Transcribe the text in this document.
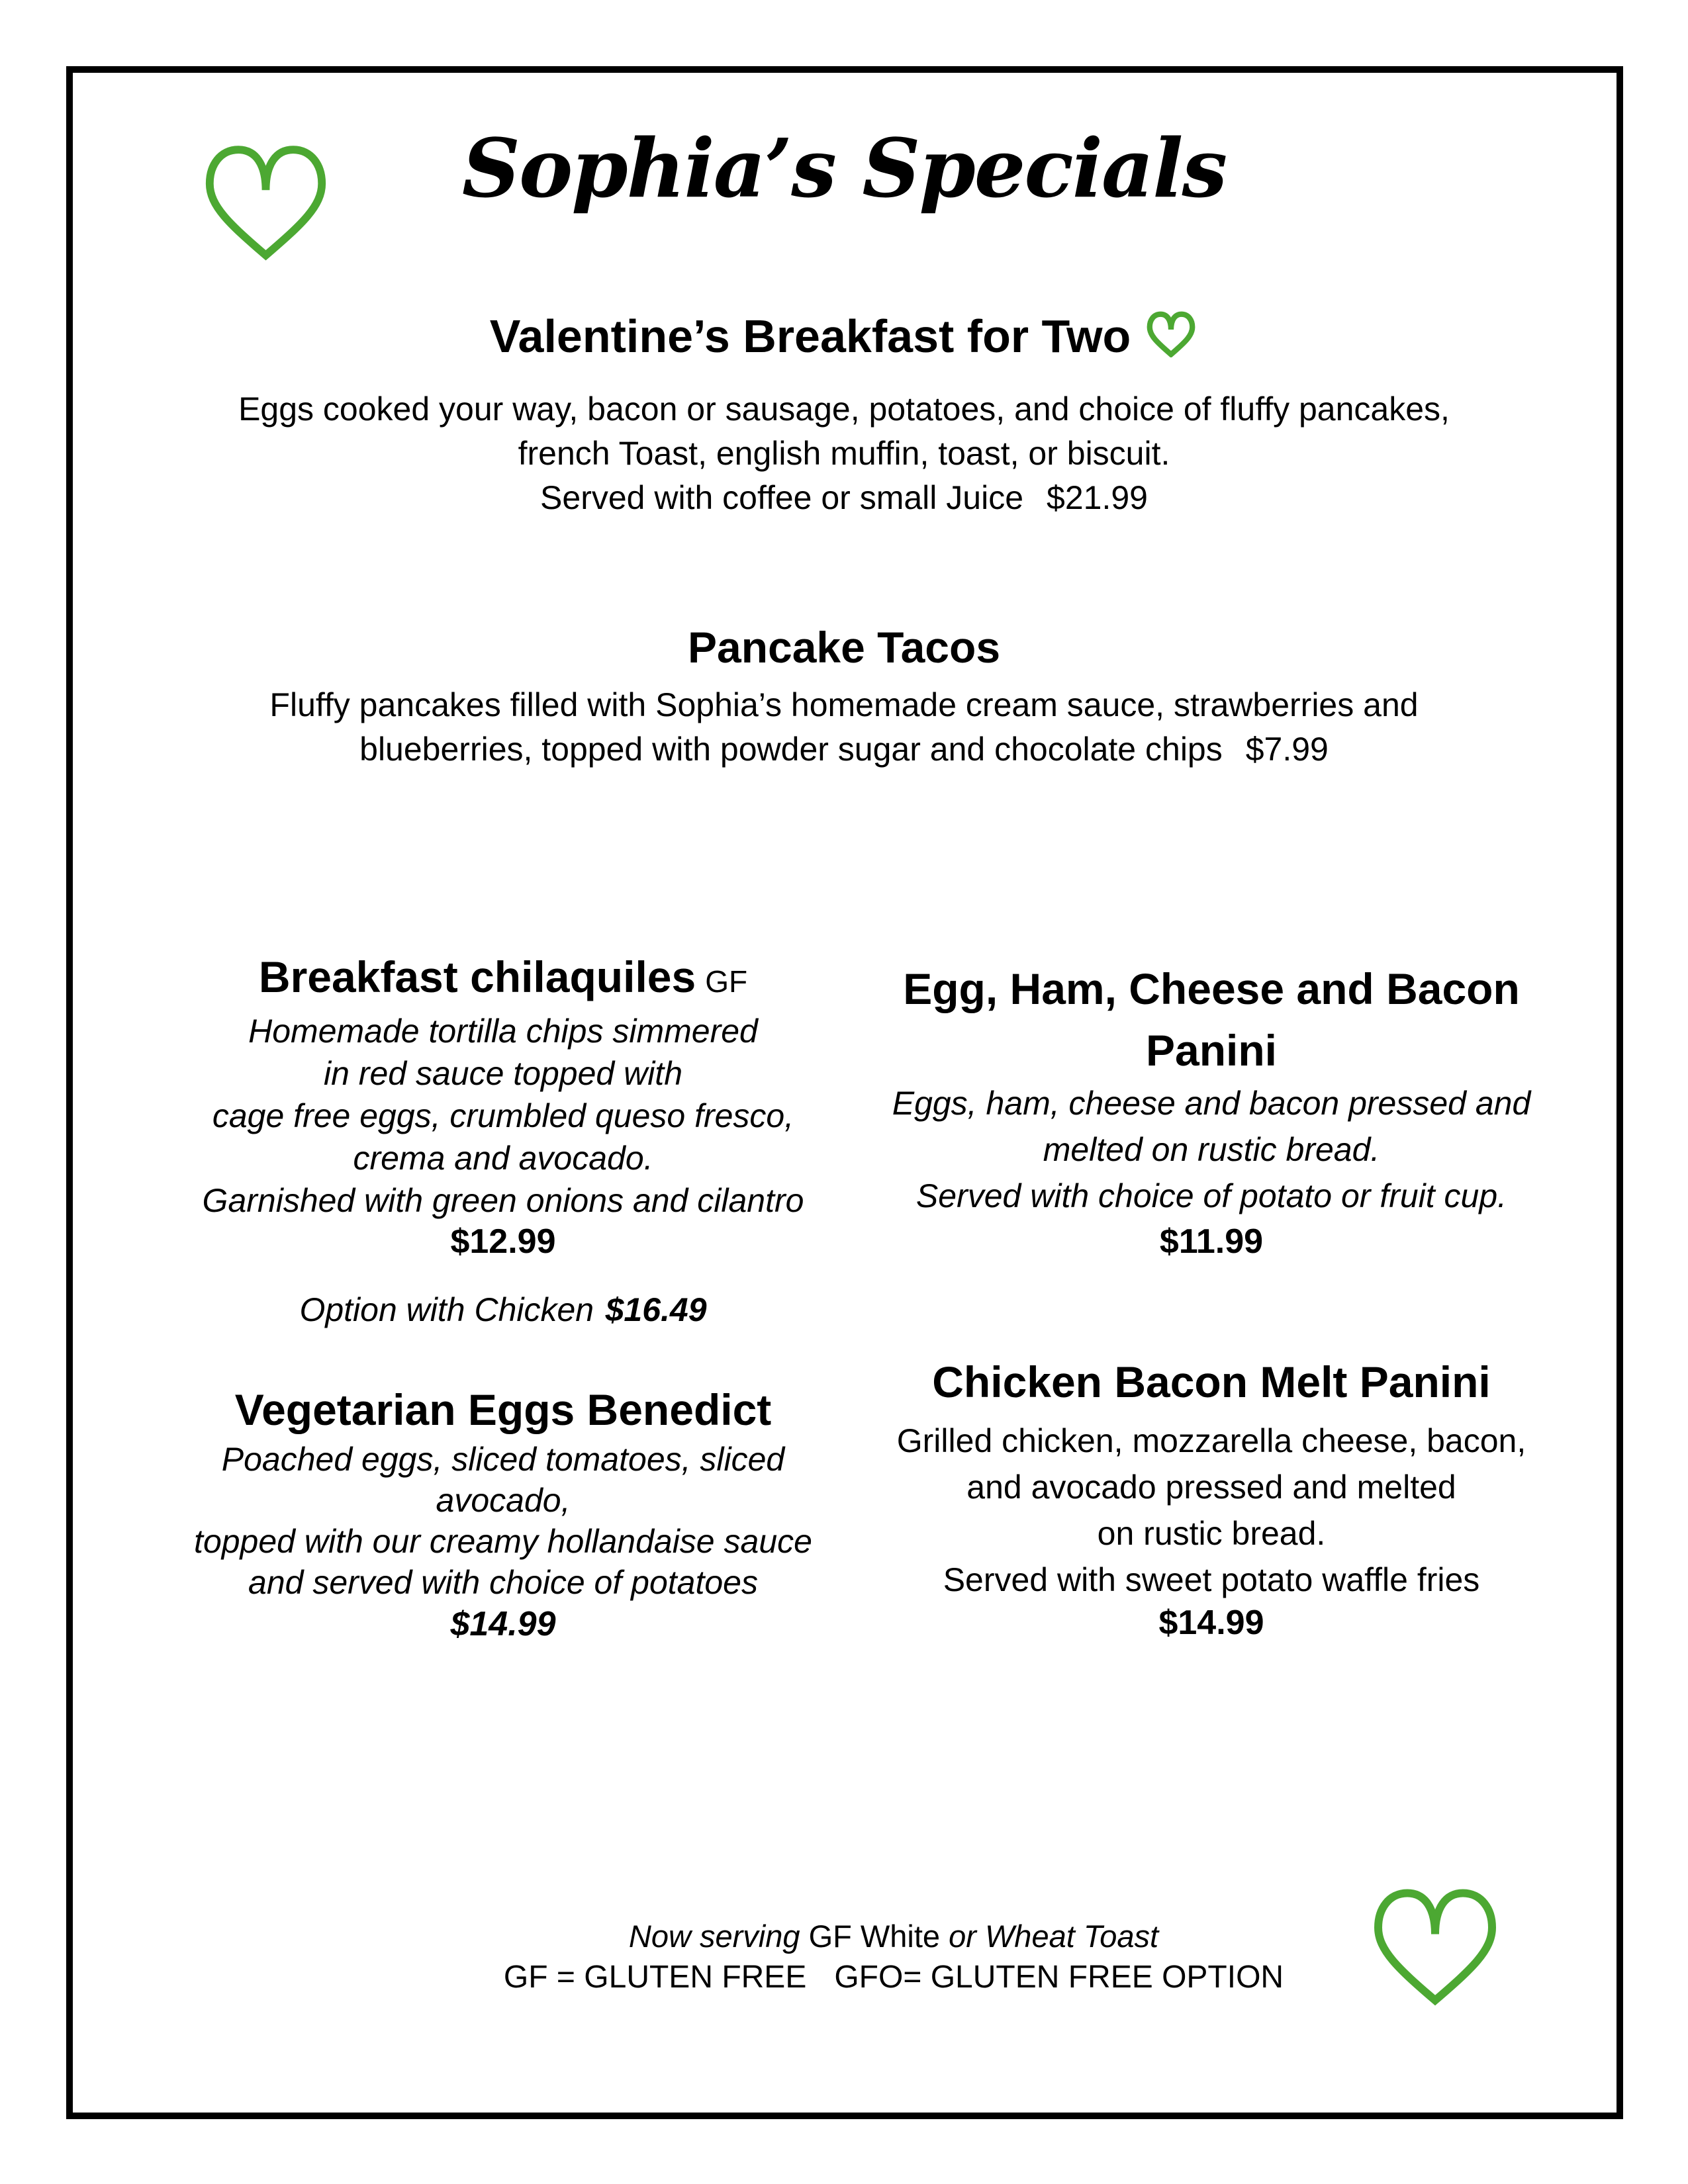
Sophia’s Specials
Valentine’s Breakfast for Two
Eggs cooked your way, bacon or sausage, potatoes, and choice of fluffy pancakes,
french Toast, english muffin, toast, or biscuit.
Served with coffee or small Juice $21.99
Pancake Tacos
Fluffy pancakes filled with Sophia’s homemade cream sauce, strawberries and
blueberries, topped with powder sugar and chocolate chips $7.99
Breakfast chilaquiles GF
Homemade tortilla chips simmered
in red sauce topped with
cage free eggs, crumbled queso fresco,
crema and avocado.
Garnished with green onions and cilantro
$12.99
Option with Chicken $16.49
Vegetarian Eggs Benedict
Poached eggs, sliced tomatoes, sliced
avocado,
topped with our creamy hollandaise sauce
and served with choice of potatoes
$14.99
Egg, Ham, Cheese and Bacon
Panini
Eggs, ham, cheese and bacon pressed and
melted on rustic bread.
Served with choice of potato or fruit cup.
$11.99
Chicken Bacon Melt Panini
Grilled chicken, mozzarella cheese, bacon,
and avocado pressed and melted
on rustic bread.
Served with sweet potato waffle fries
$14.99
Now serving GF White or Wheat Toast
GF = GLUTEN FREE GFO= GLUTEN FREE OPTION
